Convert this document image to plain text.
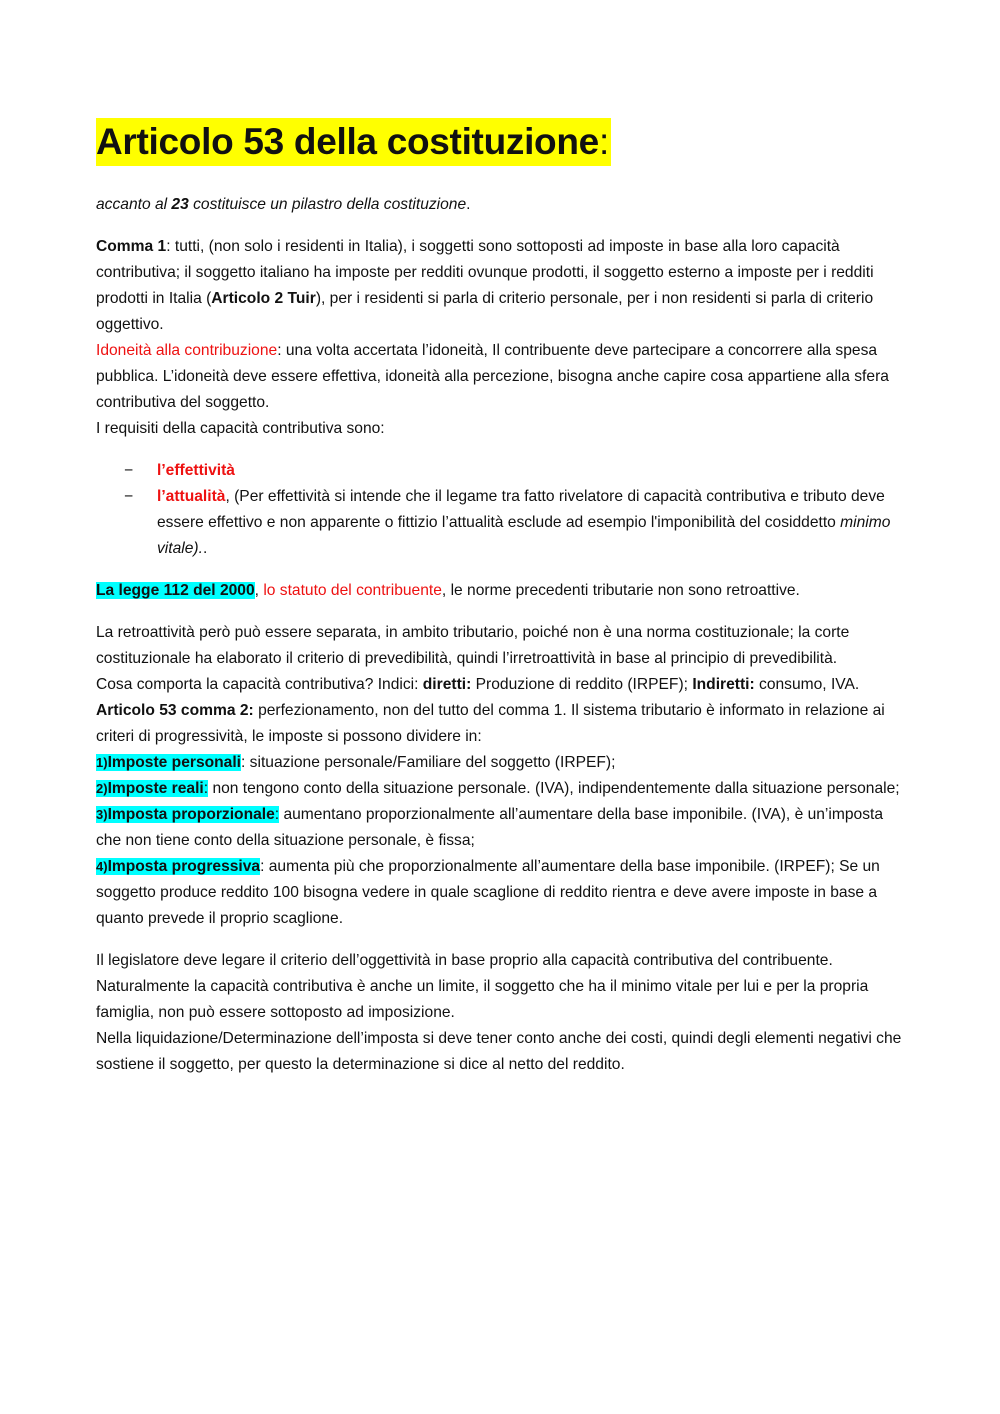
Articolo 53 della costituzione:

accanto al 23 costituisce un pilastro della costituzione.

Comma 1: tutti, (non solo i residenti in Italia), i soggetti sono sottoposti ad imposte in base alla loro capacità contributiva; il soggetto italiano ha imposte per redditi ovunque prodotti, il soggetto esterno a imposte per i redditi prodotti in Italia (Articolo 2 Tuir), per i residenti si parla di criterio personale, per i non residenti si parla di criterio oggettivo.

Idoneità alla contribuzione: una volta accertata l’idoneità, Il contribuente deve partecipare a concorrere alla spesa pubblica. L’idoneità deve essere effettiva, idoneità alla percezione, bisogna anche capire cosa appartiene alla sfera contributiva del soggetto.

I requisiti della capacità contributiva sono:

− l’effettività
− l’attualità, (Per effettività si intende che il legame tra fatto rivelatore di capacità contributiva e tributo deve essere effettivo e non apparente o fittizio l’attualità esclude ad esempio l'imponibilità del cosiddetto minimo vitale)..

La legge 112 del 2000, lo statuto del contribuente, le norme precedenti tributarie non sono retroattive.

La retroattività però può essere separata, in ambito tributario, poiché non è una norma costituzionale; la corte costituzionale ha elaborato il criterio di prevedibilità, quindi l’irretroattività in base al principio di prevedibilità.

Cosa comporta la capacità contributiva? Indici: diretti: Produzione di reddito (IRPEF); Indiretti: consumo, IVA.

Articolo 53 comma 2: perfezionamento, non del tutto del comma 1. Il sistema tributario è informato in relazione ai criteri di progressività, le imposte si possono dividere in:

1)Imposte personali: situazione personale/Familiare del soggetto (IRPEF);

2)Imposte reali: non tengono conto della situazione personale. (IVA), indipendentemente dalla situazione personale;

3)Imposta proporzionale: aumentano proporzionalmente all’aumentare della base imponibile. (IVA), è un’imposta che non tiene conto della situazione personale, è fissa;

4)Imposta progressiva: aumenta più che proporzionalmente all’aumentare della base imponibile. (IRPEF); Se un soggetto produce reddito 100 bisogna vedere in quale scaglione di reddito rientra e deve avere imposte in base a quanto prevede il proprio scaglione.

Il legislatore deve legare il criterio dell’oggettività in base proprio alla capacità contributiva del contribuente. Naturalmente la capacità contributiva è anche un limite, il soggetto che ha il minimo vitale per lui e per la propria famiglia, non può essere sottoposto ad imposizione.

Nella liquidazione/Determinazione dell’imposta si deve tener conto anche dei costi, quindi degli elementi negativi che sostiene il soggetto, per questo la determinazione si dice al netto del reddito.
